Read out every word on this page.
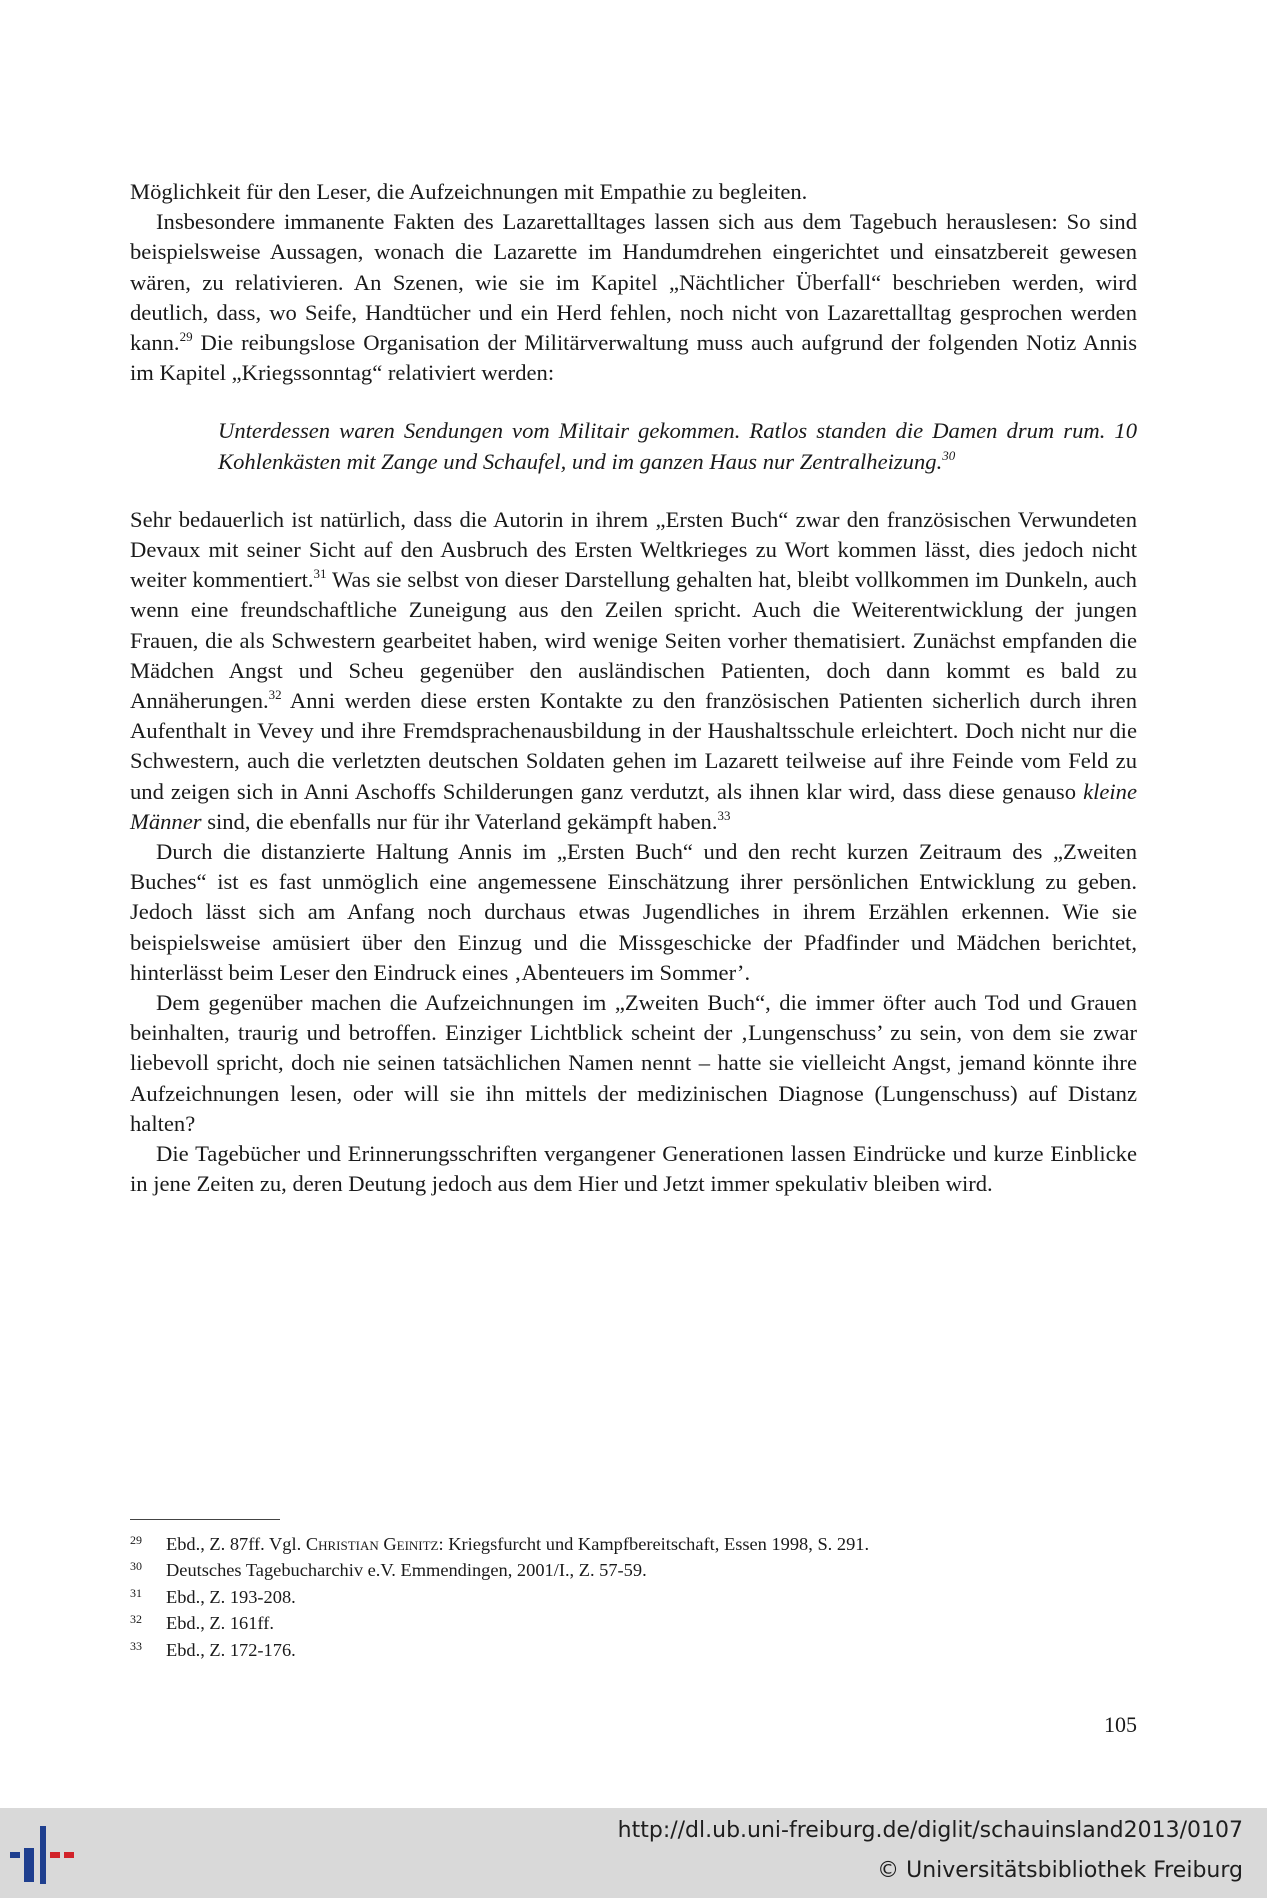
Möglichkeit für den Leser, die Aufzeichnungen mit Empathie zu begleiten.

Insbesondere immanente Fakten des Lazarettalltages lassen sich aus dem Tagebuch herauslesen: So sind beispielsweise Aussagen, wonach die Lazarette im Handumdrehen eingerichtet und einsatzbereit gewesen wären, zu relativieren. An Szenen, wie sie im Kapitel „Nächtlicher Überfall“ beschrieben werden, wird deutlich, dass, wo Seife, Handtücher und ein Herd fehlen, noch nicht von Lazarettalltag gesprochen werden kann.$^{29}$ Die reibungslose Organisation der Militärverwaltung muss auch aufgrund der folgenden Notiz Annis im Kapitel „Kriegssonntag“ relativiert werden:

Unterdessen waren Sendungen vom Militair gekommen. Ratlos standen die Damen drum rum. 10 Kohlenkästen mit Zange und Schaufel, und im ganzen Haus nur Zentralheizung.$^{30}$

Sehr bedauerlich ist natürlich, dass die Autorin in ihrem „Ersten Buch“ zwar den französischen Verwundeten Devaux mit seiner Sicht auf den Ausbruch des Ersten Weltkrieges zu Wort kommen lässt, dies jedoch nicht weiter kommentiert.$^{31}$ Was sie selbst von dieser Darstellung gehalten hat, bleibt vollkommen im Dunkeln, auch wenn eine freundschaftliche Zuneigung aus den Zeilen spricht. Auch die Weiterentwicklung der jungen Frauen, die als Schwestern gearbeitet haben, wird wenige Seiten vorher thematisiert. Zunächst empfanden die Mädchen Angst und Scheu gegenüber den ausländischen Patienten, doch dann kommt es bald zu Annäherungen.$^{32}$ Anni werden diese ersten Kontakte zu den französischen Patienten sicherlich durch ihren Aufenthalt in Vevey und ihre Fremdsprachenausbildung in der Haushaltsschule erleichtert. Doch nicht nur die Schwestern, auch die verletzten deutschen Soldaten gehen im Lazarett teilweise auf ihre Feinde vom Feld zu und zeigen sich in Anni Aschoffs Schilderungen ganz verdutzt, als ihnen klar wird, dass diese genauso kleine Männer sind, die ebenfalls nur für ihr Vaterland gekämpft haben.$^{33}$

Durch die distanzierte Haltung Annis im „Ersten Buch“ und den recht kurzen Zeitraum des „Zweiten Buches“ ist es fast unmöglich eine angemessene Einschätzung ihrer persönlichen Entwicklung zu geben. Jedoch lässt sich am Anfang noch durchaus etwas Jugendliches in ihrem Erzählen erkennen. Wie sie beispielsweise amüsiert über den Einzug und die Missgeschicke der Pfadfinder und Mädchen berichtet, hinterlässt beim Leser den Eindruck eines ‚Abenteuers im Sommer’.

Dem gegenüber machen die Aufzeichnungen im „Zweiten Buch“, die immer öfter auch Tod und Grauen beinhalten, traurig und betroffen. Einziger Lichtblick scheint der ‚Lungenschuss’ zu sein, von dem sie zwar liebevoll spricht, doch nie seinen tatsächlichen Namen nennt – hatte sie vielleicht Angst, jemand könnte ihre Aufzeichnungen lesen, oder will sie ihn mittels der medizinischen Diagnose (Lungenschuss) auf Distanz halten?

Die Tagebücher und Erinnerungsschriften vergangener Generationen lassen Eindrücke und kurze Einblicke in jene Zeiten zu, deren Deutung jedoch aus dem Hier und Jetzt immer spekulativ bleiben wird.

29	Ebd., Z. 87ff. Vgl. Christian Geinitz: Kriegsfurcht und Kampfbereitschaft, Essen 1998, S. 291.
30	Deutsches Tagebucharchiv e.V. Emmendingen, 2001/I., Z. 57-59.
31	Ebd., Z. 193-208.
32	Ebd., Z. 161ff.
33	Ebd., Z. 172-176.
105
http://dl.ub.uni-freiburg.de/diglit/schauinsland2013/0107
© Universitätsbibliothek Freiburg
